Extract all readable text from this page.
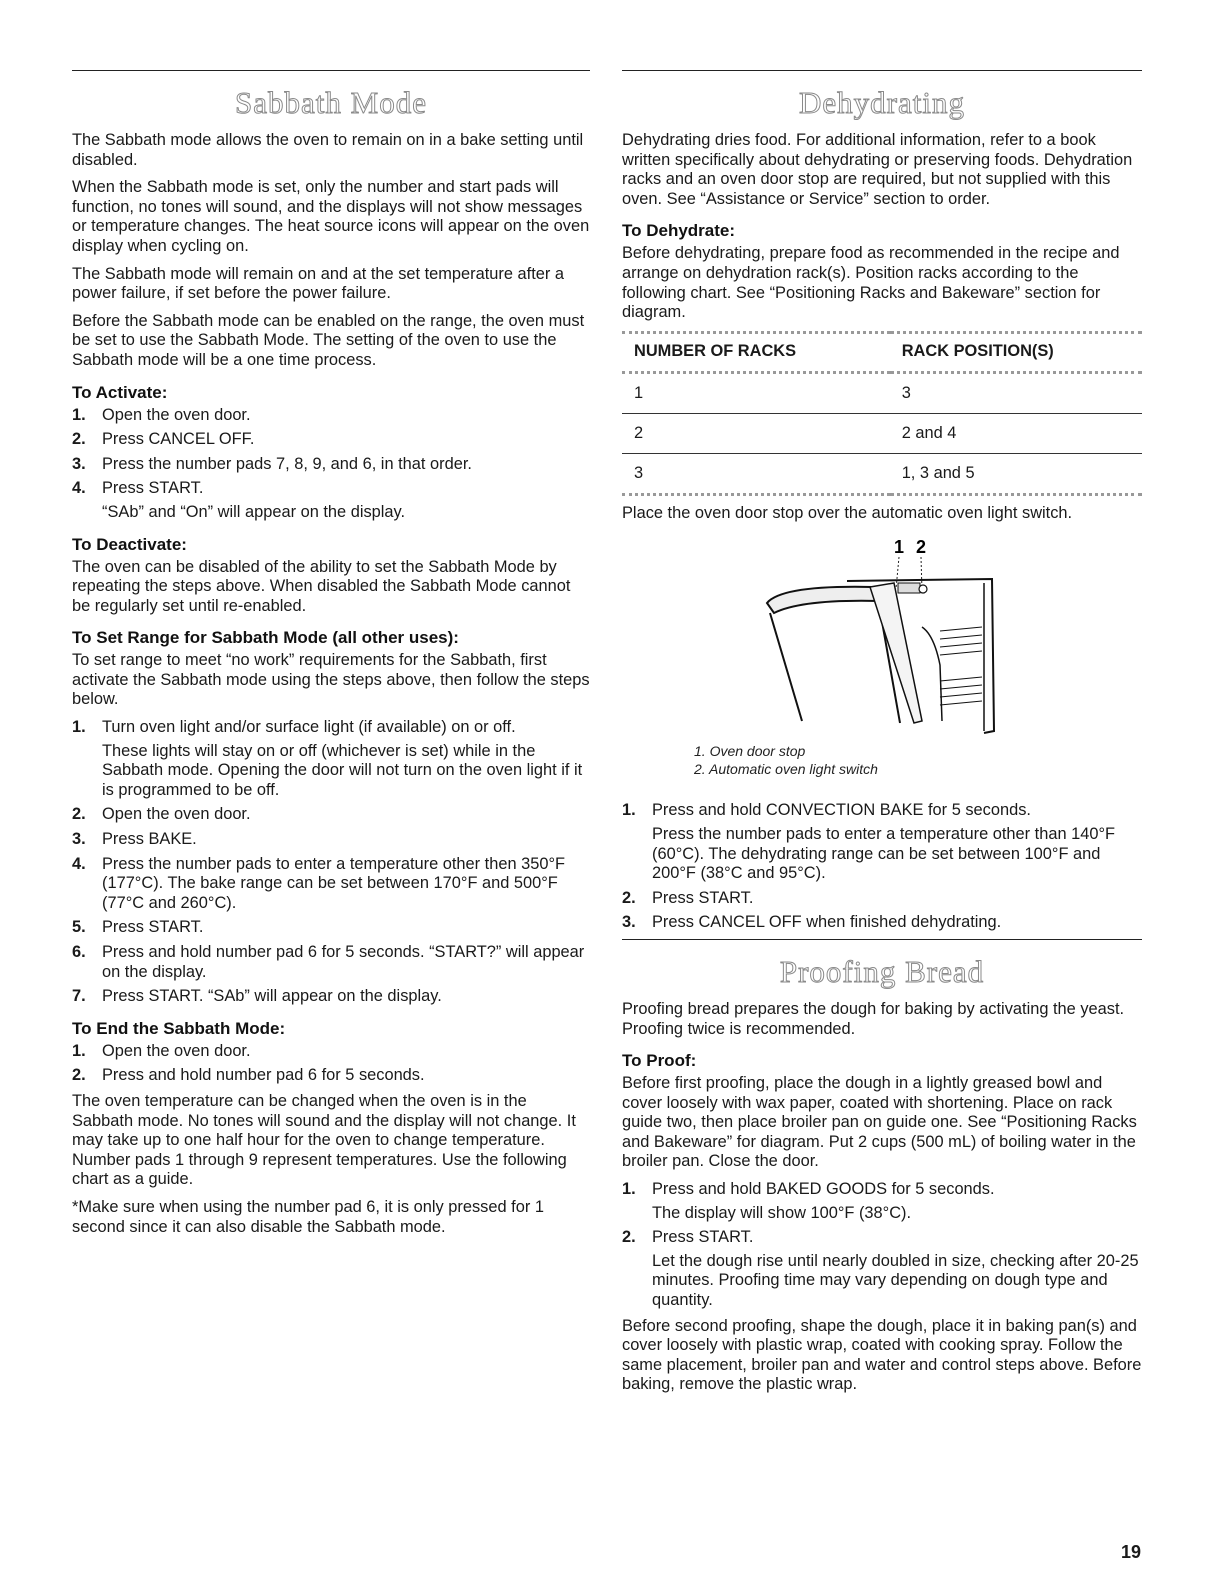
Sabbath Mode

The Sabbath mode allows the oven to remain on in a bake setting until disabled.

When the Sabbath mode is set, only the number and start pads will function, no tones will sound, and the displays will not show messages or temperature changes. The heat source icons will appear on the oven display when cycling on.

The Sabbath mode will remain on and at the set temperature after a power failure, if set before the power failure.

Before the Sabbath mode can be enabled on the range, the oven must be set to use the Sabbath Mode. The setting of the oven to use the Sabbath mode will be a one time process.

To Activate:
1. Open the oven door.
2. Press CANCEL OFF.
3. Press the number pads 7, 8, 9, and 6, in that order.
4. Press START.
“SAb” and “On” will appear on the display.
To Deactivate:

The oven can be disabled of the ability to set the Sabbath Mode by repeating the steps above. When disabled the Sabbath Mode cannot be regularly set until re-enabled.

To Set Range for Sabbath Mode (all other uses):

To set range to meet “no work” requirements for the Sabbath, first activate the Sabbath mode using the steps above, then follow the steps below.

1. Turn oven light and/or surface light (if available) on or off.
These lights will stay on or off (whichever is set) while in the Sabbath mode. Opening the door will not turn on the oven light if it is programmed to be off.
2. Open the oven door.
3. Press BAKE.
4. Press the number pads to enter a temperature other then 350°F (177°C). The bake range can be set between 170°F and 500°F (77°C and 260°C).
5. Press START.
6. Press and hold number pad 6 for 5 seconds. “START?” will appear on the display.
7. Press START. “SAb” will appear on the display.
To End the Sabbath Mode:
1. Open the oven door.
2. Press and hold number pad 6 for 5 seconds.

The oven temperature can be changed when the oven is in the Sabbath mode. No tones will sound and the display will not change. It may take up to one half hour for the oven to change temperature. Number pads 1 through 9 represent temperatures. Use the following chart as a guide.

*Make sure when using the number pad 6, it is only pressed for 1 second since it can also disable the Sabbath mode.

Dehydrating

Dehydrating dries food. For additional information, refer to a book written specifically about dehydrating or preserving foods. Dehydration racks and an oven door stop are required, but not supplied with this oven. See “Assistance or Service” section to order.

To Dehydrate:

Before dehydrating, prepare food as recommended in the recipe and arrange on dehydration rack(s). Position racks according to the following chart. See “Positioning Racks and Bakeware” section for diagram.

NUMBER OF RACKS	RACK POSITION(S)
1	3
2	2 and 4
3	1, 3 and 5

Place the oven door stop over the automatic oven light switch.

1 2
1. Oven door stop
2. Automatic oven light switch
1. Press and hold CONVECTION BAKE for 5 seconds.
Press the number pads to enter a temperature other than 140°F (60°C). The dehydrating range can be set between 100°F and 200°F (38°C and 95°C).
2. Press START.
3. Press CANCEL OFF when finished dehydrating.
Proofing Bread

Proofing bread prepares the dough for baking by activating the yeast. Proofing twice is recommended.

To Proof:

Before first proofing, place the dough in a lightly greased bowl and cover loosely with wax paper, coated with shortening. Place on rack guide two, then place broiler pan on guide one. See “Positioning Racks and Bakeware” for diagram. Put 2 cups (500 mL) of boiling water in the broiler pan. Close the door.

1. Press and hold BAKED GOODS for 5 seconds.
The display will show 100°F (38°C).
2. Press START.
Let the dough rise until nearly doubled in size, checking after 20-25 minutes. Proofing time may vary depending on dough type and quantity.

Before second proofing, shape the dough, place it in baking pan(s) and cover loosely with plastic wrap, coated with cooking spray. Follow the same placement, broiler pan and water and control steps above. Before baking, remove the plastic wrap.

19
